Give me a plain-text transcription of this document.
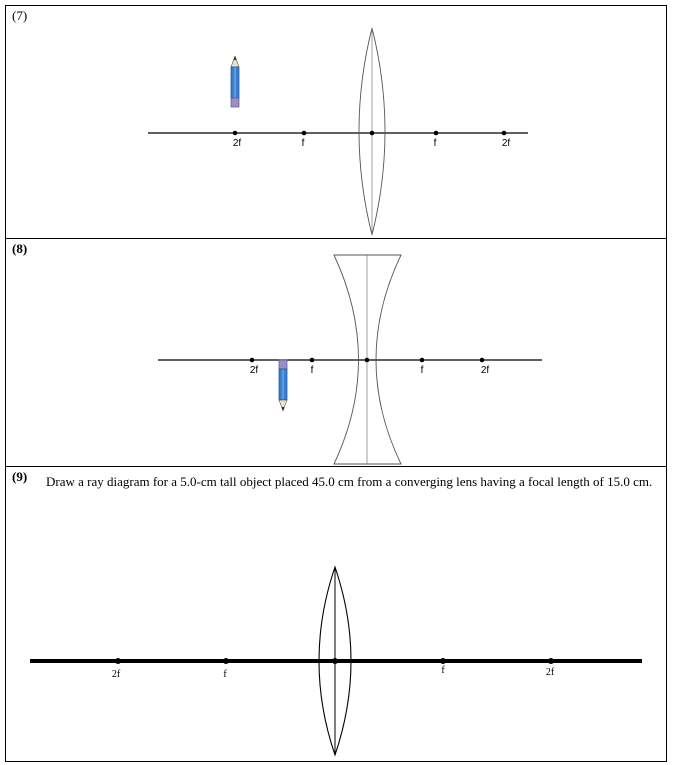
(7)
2f	f	f	2f
(8)
2f	f	f	2f
(9) Draw a ray diagram for a 5.0-cm tall object placed 45.0 cm from a converging lens having a focal length of 15.0 cm.
2f	f	f	2f
